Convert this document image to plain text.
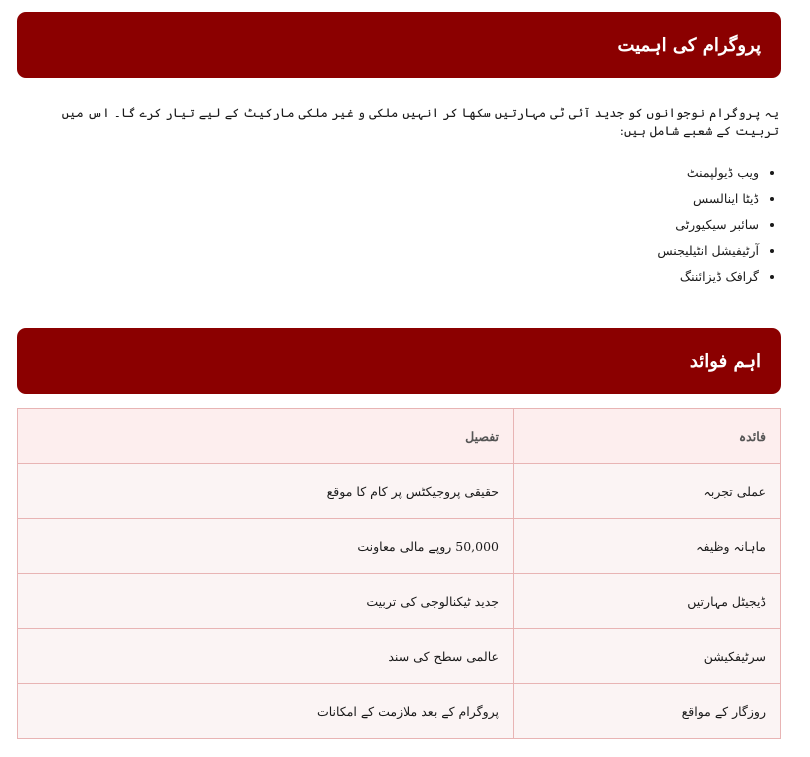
پروگرام کی اہمیت

یہ پروگرام نوجوانوں کو جدید آئی ٹی مہارتیں سکھا کر انہیں ملکی و غیر ملکی مارکیٹ کے لیے تیار کرے گا۔ اس میں تربیت کے شعبے شامل ہیں:

• ویب ڈیولپمنٹ
• ڈیٹا اینالسس
• سائبر سیکیورٹی
• آرٹیفیشل انٹیلیجنس
• گرافک ڈیزائننگ
اہم فوائد
فائدہ	تفصیل
عملی تجربہ	حقیقی پروجیکٹس پر کام کا موقع
ماہانہ وظیفہ	50,000 روپے مالی معاونت
ڈیجیٹل مہارتیں	جدید ٹیکنالوجی کی تربیت
سرٹیفکیشن	عالمی سطح کی سند
روزگار کے مواقع	پروگرام کے بعد ملازمت کے امکانات
